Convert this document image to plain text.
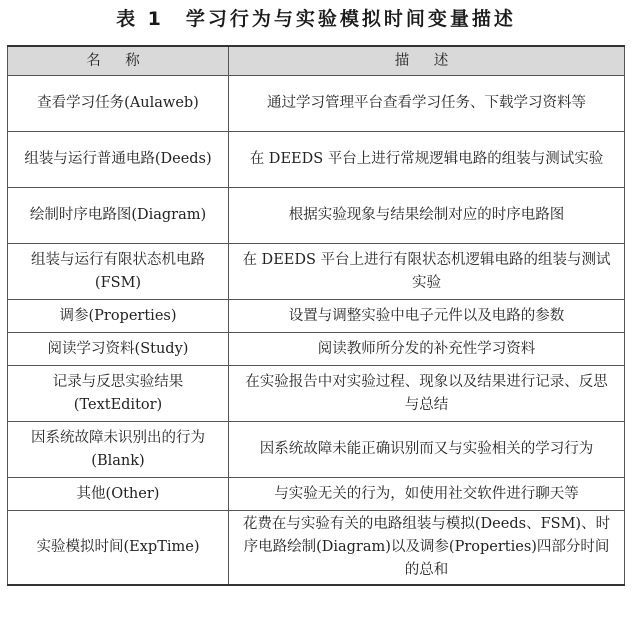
表 1 学习行为与实验模拟时间变量描述
名 称	描 述
查看学习任务(Aulaweb)	通过学习管理平台查看学习任务、下载学习资料等
组装与运行普通电路(Deeds)	在 DEEDS 平台上进行常规逻辑电路的组装与测试实验
绘制时序电路图(Diagram)	根据实验现象与结果绘制对应的时序电路图
组装与运行有限状态机电路(FSM)	在 DEEDS 平台上进行有限状态机逻辑电路的组装与测试实验
调参(Properties)	设置与调整实验中电子元件以及电路的参数
阅读学习资料(Study)	阅读教师所分发的补充性学习资料
记录与反思实验结果(TextEditor)	在实验报告中对实验过程、现象以及结果进行记录、反思与总结
因系统故障未识别出的行为(Blank)	因系统故障未能正确识别而又与实验相关的学习行为
其他(Other)	与实验无关的行为，如使用社交软件进行聊天等
实验模拟时间(ExpTime)	花费在与实验有关的电路组装与模拟(Deeds、FSM)、时序电路绘制(Diagram)以及调参(Properties)四部分时间的总和
